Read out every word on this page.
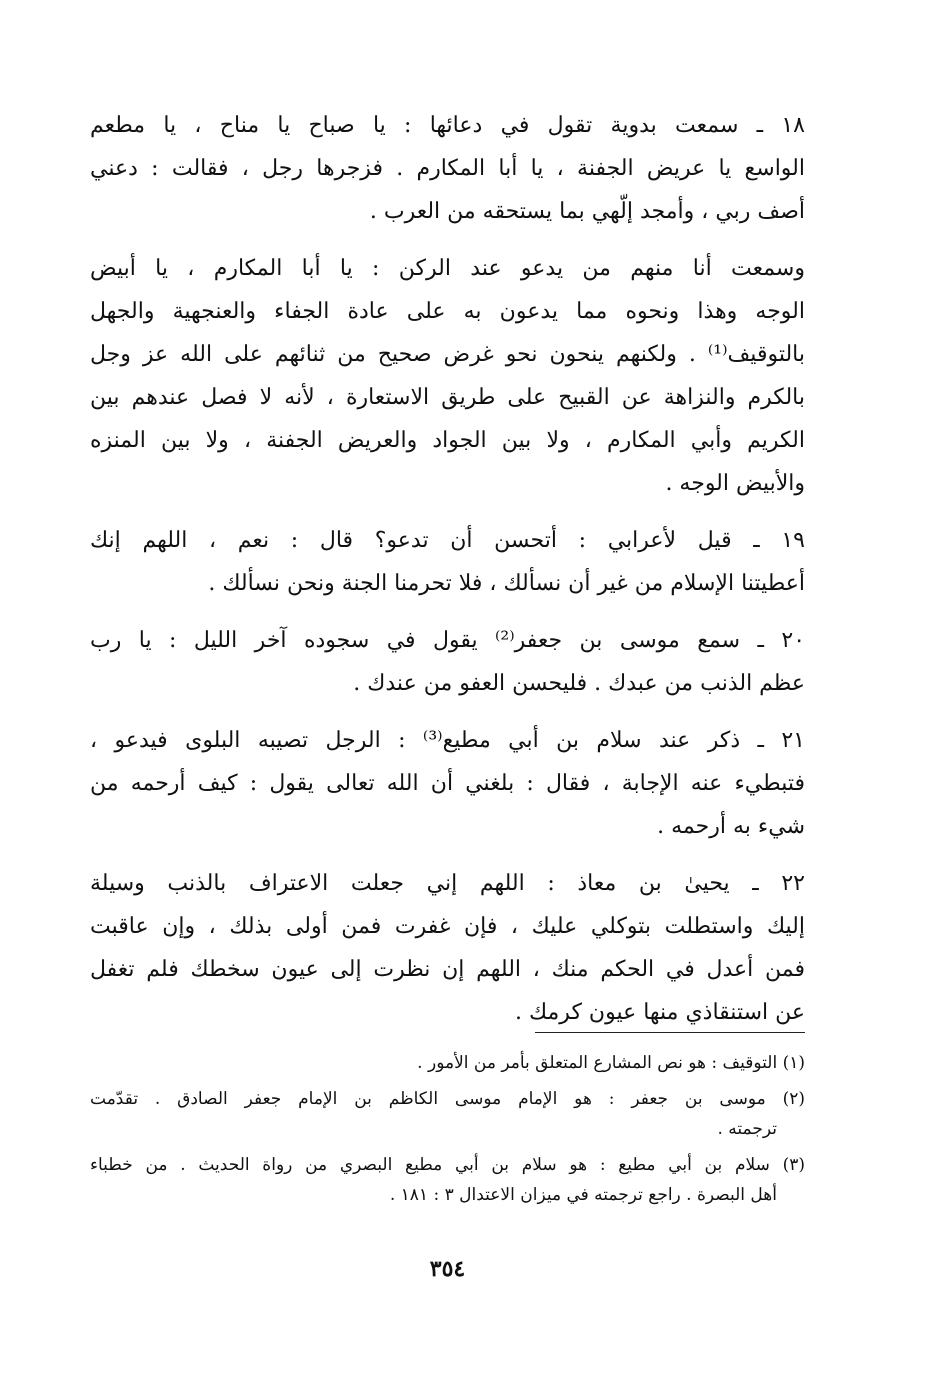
١٨ ـ سمعت بدوية تقول في دعائها : يا صباح يا مناح ، يا مطعم
الواسع يا عريض الجفنة ، يا أبا المكارم . فزجرها رجل ، فقالت : دعني
أصف ربي ، وأمجد إلّهي بما يستحقه من العرب .
وسمعت أنا منهم من يدعو عند الركن : يا أبا المكارم ، يا أبيض
الوجه وهذا ونحوه مما يدعون به على عادة الجفاء والعنجهية والجهل
بالتوقيف⁽¹⁾ . ولكنهم ينحون نحو غرض صحيح من ثنائهم على الله عز وجل
بالكرم والنزاهة عن القبيح على طريق الاستعارة ، لأنه لا فصل عندهم بين
الكريم وأبي المكارم ، ولا بين الجواد والعريض الجفنة ، ولا بين المنزه
والأبيض الوجه .
١٩ ـ قيل لأعرابي : أتحسن أن تدعو؟ قال : نعم ، اللهم إنك
أعطيتنا الإسلام من غير أن نسألك ، فلا تحرمنا الجنة ونحن نسألك .
٢٠ ـ سمع موسى بن جعفر⁽²⁾ يقول في سجوده آخر الليل : يا رب
عظم الذنب من عبدك . فليحسن العفو من عندك .
٢١ ـ ذكر عند سلام بن أبي مطيع⁽³⁾ : الرجل تصيبه البلوى فيدعو ،
فتبطيء عنه الإجابة ، فقال : بلغني أن الله تعالى يقول : كيف أرحمه من
شيء به أرحمه .
٢٢ ـ يحيىٰ بن معاذ : اللهم إني جعلت الاعتراف بالذنب وسيلة
إليك واستطلت بتوكلي عليك ، فإن غفرت فمن أولى بذلك ، وإن عاقبت
فمن أعدل في الحكم منك ، اللهم إن نظرت إلى عيون سخطك فلم تغفل
عن استنقاذي منها عيون كرمك .
(١) التوقيف : هو نص المشارع المتعلق بأمر من الأمور .
(٢) موسى بن جعفر : هو الإمام موسى الكاظم بن الإمام جعفر الصادق . تقدّمت
ترجمته .
(٣) سلام بن أبي مطيع : هو سلام بن أبي مطيع البصري من رواة الحديث . من خطباء
أهل البصرة . راجع ترجمته في ميزان الاعتدال ٣ : ١٨١ .
٣٥٤
